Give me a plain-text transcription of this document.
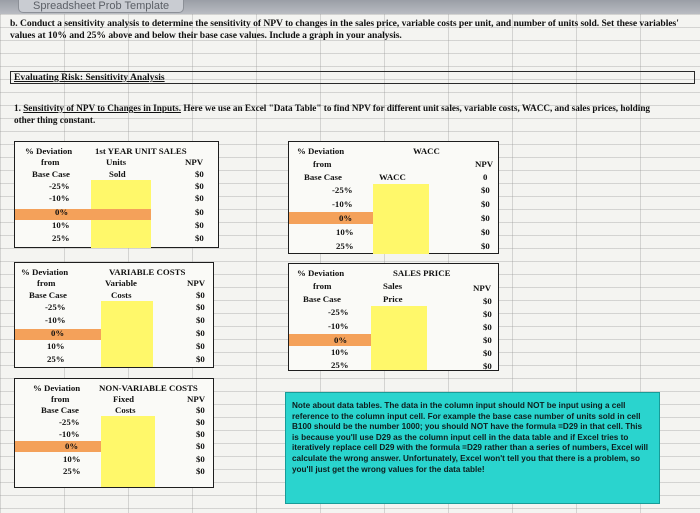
Spreadsheet Prob Template
b. Conduct a sensitivity analysis to determine the sensitivity of NPV to changes in the sales price, variable costs per unit, and number of units sold. Set these variables' values at 10% and 25% above and below their base case values. Include a graph in your analysis.
Evaluating Risk: Sensitivity Analysis
1. Sensitivity of NPV to Changes in Inputs. Here we use an Excel "Data Table" to find NPV for different unit sales, variable costs, WACC, and sales prices, holding other thing constant.
% Deviation
from
Base Case
1st YEAR UNIT SALES
Units
Sold
NPV
-25%
-10%
0%
10%
25%
$0
$0
$0
$0
$0
$0
% Deviation
from
Base Case
WACC
WACC
NPV
0
-25%
-10%
0%
10%
25%
$0
$0
$0
$0
$0
% Deviation
from
Base Case
VARIABLE COSTS
Variable
Costs
NPV
-25%
-10%
0%
10%
25%
$0
$0
$0
$0
$0
$0
% Deviation
from
Base Case
SALES PRICE
Sales
Price
NPV
-25%
-10%
0%
10%
25%
$0
$0
$0
$0
$0
$0
% Deviation
from
Base Case
NON-VARIABLE COSTS
Fixed
Costs
NPV
-25%
-10%
0%
10%
25%
$0
$0
$0
$0
$0
$0
Note about data tables. The data in the column input should NOT be input using a cell reference to the column input cell. For example the base case number of units sold in cell B100 should be the number 1000; you should NOT have the formula =D29 in that cell. This is because you'll use D29 as the column input cell in the data table and if Excel tries to iteratively replace cell D29 with the formula =D29 rather than a series of numbers, Excel will calculate the wrong answer. Unfortunately, Excel won't tell you that there is a problem, so you'll just get the wrong values for the data table!
